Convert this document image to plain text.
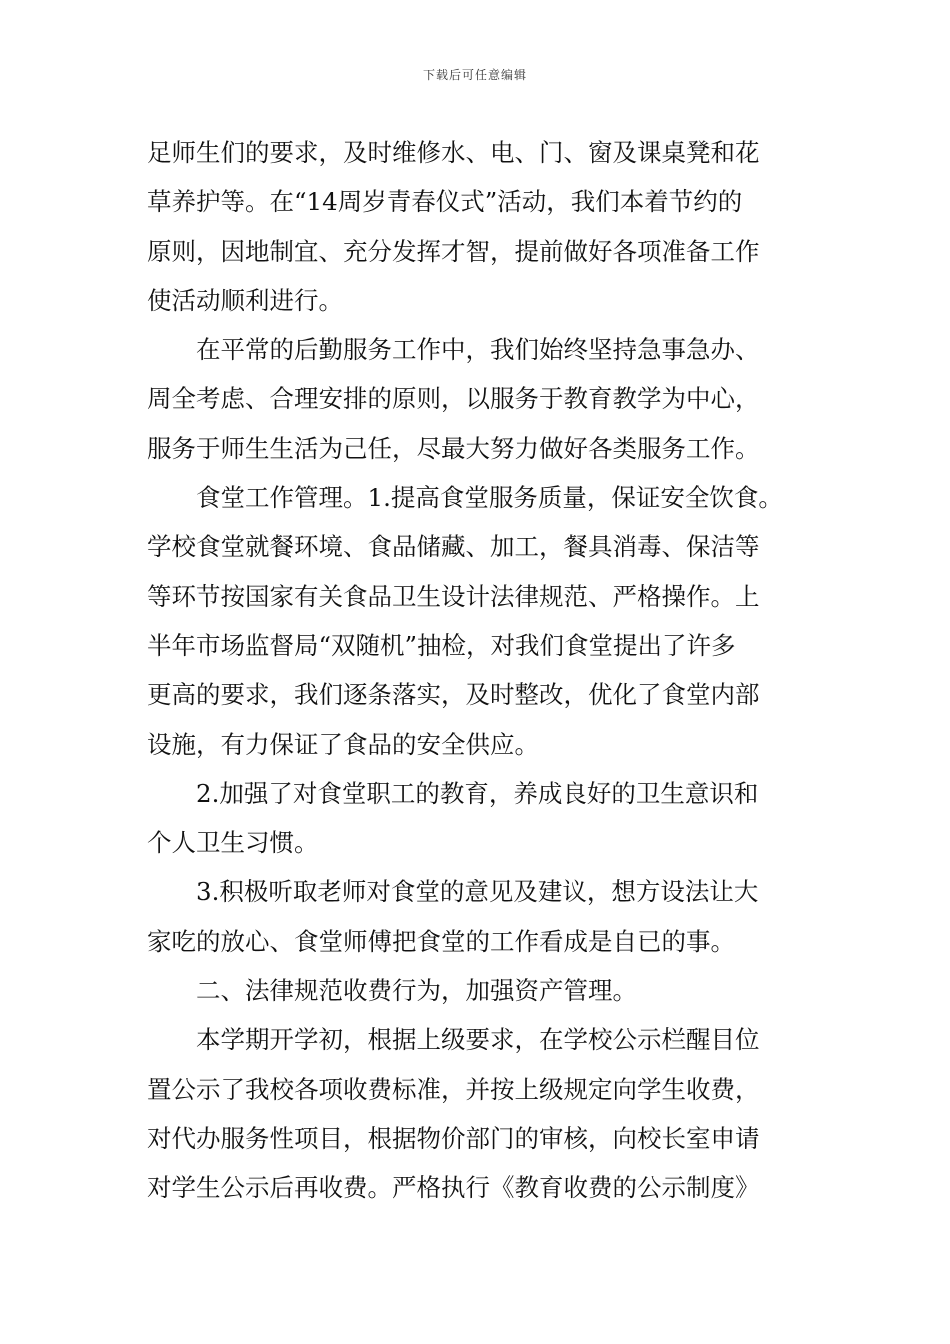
下载后可任意编辑
足师生们的要求，及时维修水、电、门、窗及课桌凳和花
草养护等。在“14周岁青春仪式”活动，我们本着节约的
原则，因地制宜、充分发挥才智，提前做好各项准备工作
使活动顺利进行。
在平常的后勤服务工作中，我们始终坚持急事急办、
周全考虑、合理安排的原则，以服务于教育教学为中心，
服务于师生生活为己任，尽最大努力做好各类服务工作。
食堂工作管理。1.提高食堂服务质量，保证安全饮食。
学校食堂就餐环境、食品储藏、加工，餐具消毒、保洁等
等环节按国家有关食品卫生设计法律规范、严格操作。上
半年市场监督局“双随机”抽检，对我们食堂提出了许多
更高的要求，我们逐条落实，及时整改，优化了食堂内部
设施，有力保证了食品的安全供应。
2.加强了对食堂职工的教育，养成良好的卫生意识和
个人卫生习惯。
3.积极听取老师对食堂的意见及建议，想方设法让大
家吃的放心、食堂师傅把食堂的工作看成是自已的事。
二、法律规范收费行为，加强资产管理。
本学期开学初，根据上级要求，在学校公示栏醒目位
置公示了我校各项收费标准，并按上级规定向学生收费，
对代办服务性项目，根据物价部门的审核，向校长室申请
对学生公示后再收费。严格执行《教育收费的公示制度》
